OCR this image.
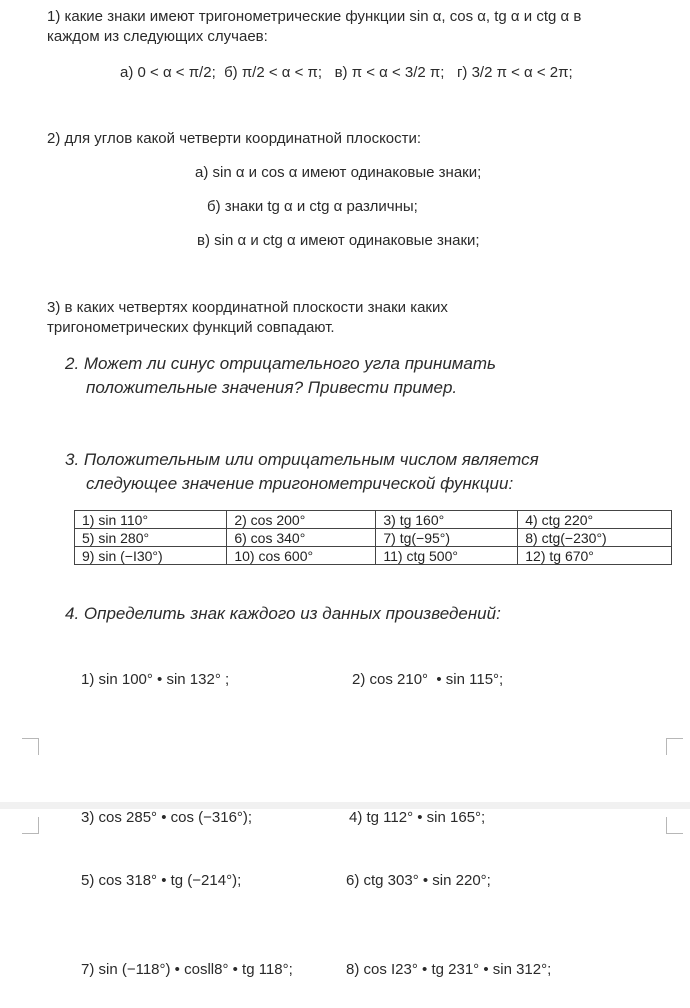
1) какие знаки имеют тригонометрические функции sin α, cos α, tg α и ctg α в
каждом из следующих случаев:
а) 0 < α < π/2;  б) π/2 < α < π;   в) π < α < 3/2 π;   г) 3/2 π < α < 2π;
2) для углов какой четверти координатной плоскости:
а) sin α и cos α имеют одинаковые знаки;
б) знаки tg α и ctg α различны;
в) sin α и ctg α имеют одинаковые знаки;
3) в каких четвертях координатной плоскости знаки каких
тригонометрических функций совпадают.
2. Может ли синус отрицательного угла принимать
положительные значения? Привести пример.
3. Положительным или отрицательным числом является
следующее значение тригонометрической функции:
1) sin 110°	2) cos 200°	3) tg 160°	4) ctg 220°
5) sin 280°	6) cos 340°	7) tg(−95°)	8) ctg(−230°)
9) sin (−I30°)	10) cos 600°	11) ctg 500°	12) tg 670°
4. Определить знак каждого из данных произведений:
1) sin 100° • sin 132° ;	2) cos 210°  • sin 115°;
3) cos 285° • cos (−316°);	4) tg 112° • sin 165°;
5) cos 318° • tg (−214°);	6) ctg 303° • sin 220°;
7) sin (−118°) • cosll8° • tg 118°;	8) cos I23° • tg 231° • sin 312°;
